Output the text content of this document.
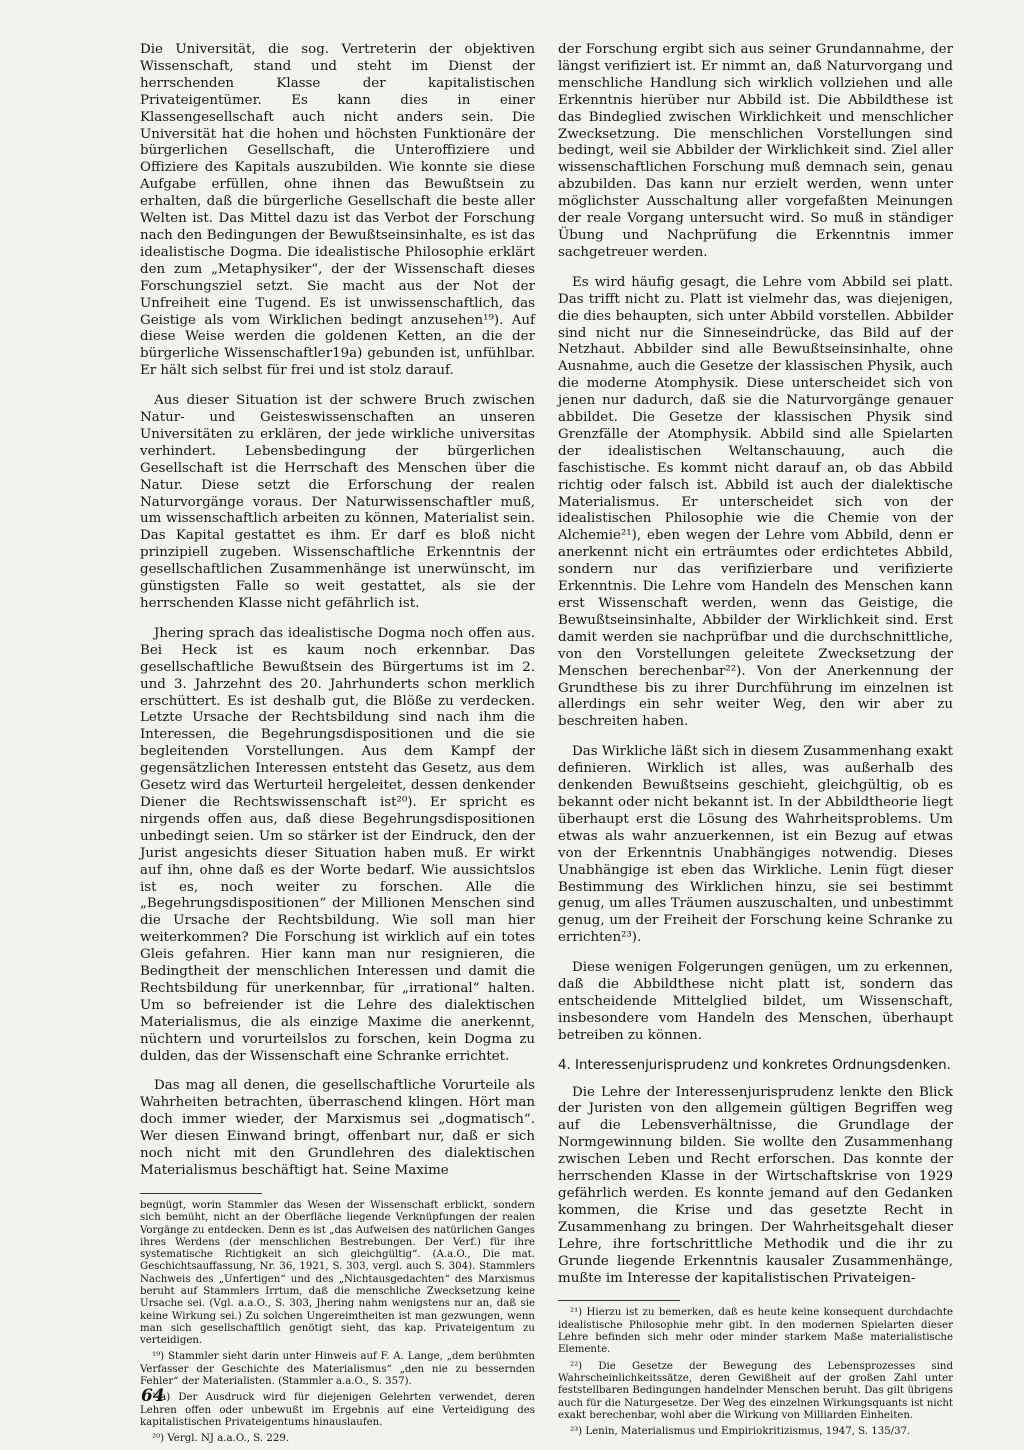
Die Universität, die sog. Vertreterin der objektiven Wissenschaft, stand und steht im Dienst der herrschenden Klasse der kapitalistischen Privateigentümer. Es kann dies in einer Klassengesellschaft auch nicht anders sein. Die Universität hat die hohen und höchsten Funktionäre der bürgerlichen Gesellschaft, die Unteroffiziere und Offiziere des Kapitals auszubilden. Wie konnte sie diese Aufgabe erfüllen, ohne ihnen das Bewußtsein zu erhalten, daß die bürgerliche Gesellschaft die beste aller Welten ist. Das Mittel dazu ist das Verbot der Forschung nach den Bedingungen der Bewußtseinsinhalte, es ist das idealistische Dogma. Die idealistische Philosophie erklärt den zum „Metaphysiker“, der der Wissenschaft dieses Forschungsziel setzt. Sie macht aus der Not der Unfreiheit eine Tugend. Es ist unwissenschaftlich, das Geistige als vom Wirklichen bedingt anzusehen¹⁹). Auf diese Weise werden die goldenen Ketten, an die der bürgerliche Wissenschaftler19a) gebunden ist, unfühlbar. Er hält sich selbst für frei und ist stolz darauf.

Aus dieser Situation ist der schwere Bruch zwischen Natur- und Geisteswissenschaften an unseren Universitäten zu erklären, der jede wirkliche universitas verhindert. Lebensbedingung der bürgerlichen Gesellschaft ist die Herrschaft des Menschen über die Natur. Diese setzt die Erforschung der realen Naturvorgänge voraus. Der Naturwissenschaftler muß, um wissenschaftlich arbeiten zu können, Materialist sein. Das Kapital gestattet es ihm. Er darf es bloß nicht prinzipiell zugeben. Wissenschaftliche Erkenntnis der gesellschaftlichen Zusammenhänge ist unerwünscht, im günstigsten Falle so weit gestattet, als sie der herrschenden Klasse nicht gefährlich ist.

Jhering sprach das idealistische Dogma noch offen aus. Bei Heck ist es kaum noch erkennbar. Das gesellschaftliche Bewußtsein des Bürgertums ist im 2. und 3. Jahrzehnt des 20. Jahrhunderts schon merklich erschüttert. Es ist deshalb gut, die Blöße zu verdecken. Letzte Ursache der Rechtsbildung sind nach ihm die Interessen, die Begehrungsdispositionen und die sie begleitenden Vorstellungen. Aus dem Kampf der gegensätzlichen Interessen entsteht das Gesetz, aus dem Gesetz wird das Werturteil hergeleitet, dessen denkender Diener die Rechtswissenschaft ist²⁰). Er spricht es nirgends offen aus, daß diese Begehrungsdispositionen unbedingt seien. Um so stärker ist der Eindruck, den der Jurist angesichts dieser Situation haben muß. Er wirkt auf ihn, ohne daß es der Worte bedarf. Wie aussichtslos ist es, noch weiter zu forschen. Alle die „Begehrungsdispositionen“ der Millionen Menschen sind die Ursache der Rechtsbildung. Wie soll man hier weiterkommen? Die Forschung ist wirklich auf ein totes Gleis gefahren. Hier kann man nur resignieren, die Bedingtheit der menschlichen Interessen und damit die Rechtsbildung für unerkennbar, für „irrational“ halten. Um so befreiender ist die Lehre des dialektischen Materialismus, die als einzige Maxime die anerkennt, nüchtern und vorurteilslos zu forschen, kein Dogma zu dulden, das der Wissenschaft eine Schranke errichtet.

Das mag all denen, die gesellschaftliche Vorurteile als Wahrheiten betrachten, überraschend klingen. Hört man doch immer wieder, der Marxismus sei „dogmatisch“. Wer diesen Einwand bringt, offenbart nur, daß er sich noch nicht mit den Grundlehren des dialektischen Materialismus beschäftigt hat. Seine Maxime

begnügt, worin Stammler das Wesen der Wissenschaft erblickt, sondern sich bemüht, nicht an der Oberfläche liegende Verknüpfungen der realen Vorgänge zu entdecken. Denn es ist „das Aufweisen des natürlichen Ganges ihres Werdens (der menschlichen Bestrebungen. Der Verf.) für ihre systematische Richtigkeit an sich gleichgültig“. (A.a.O., Die mat. Geschichtsauffassung, Nr. 36, 1921, S. 303, vergl. auch S. 304). Stammlers Nachweis des „Unfertigen“ und des „Nichtausgedachten“ des Marxismus beruht auf Stammlers Irrtum, daß die menschliche Zwecksetzung keine Ursache sei. (Vgl. a.a.O., S. 303, Jhering nahm wenigstens nur an, daß sie keine Wirkung sei.) Zu solchen Ungereimtheiten ist man gezwungen, wenn man sich gesellschaftlich genötigt sieht, das kap. Privateigentum zu verteidigen.

¹⁹) Stammler sieht darin unter Hinweis auf F. A. Lange, „dem berühmten Verfasser der Geschichte des Materialismus“ „den nie zu bessernden Fehler“ der Materialisten. (Stammler a.a.O., S. 357).

¹⁹a) Der Ausdruck wird für diejenigen Gelehrten verwendet, deren Lehren offen oder unbewußt im Ergebnis auf eine Verteidigung des kapitalistischen Privateigentums hinauslaufen.

²⁰) Vergl. NJ a.a.O., S. 229.

der Forschung ergibt sich aus seiner Grundannahme, der längst verifiziert ist. Er nimmt an, daß Naturvorgang und menschliche Handlung sich wirklich vollziehen und alle Erkenntnis hierüber nur Abbild ist. Die Abbildthese ist das Bindeglied zwischen Wirklichkeit und menschlicher Zwecksetzung. Die menschlichen Vorstellungen sind bedingt, weil sie Abbilder der Wirklichkeit sind. Ziel aller wissenschaftlichen Forschung muß demnach sein, genau abzubilden. Das kann nur erzielt werden, wenn unter möglichster Ausschaltung aller vorgefaßten Meinungen der reale Vorgang untersucht wird. So muß in ständiger Übung und Nachprüfung die Erkenntnis immer sachgetreuer werden.

Es wird häufig gesagt, die Lehre vom Abbild sei platt. Das trifft nicht zu. Platt ist vielmehr das, was diejenigen, die dies behaupten, sich unter Abbild vorstellen. Abbilder sind nicht nur die Sinneseindrücke, das Bild auf der Netzhaut. Abbilder sind alle Bewußtseinsinhalte, ohne Ausnahme, auch die Gesetze der klassischen Physik, auch die moderne Atomphysik. Diese unterscheidet sich von jenen nur dadurch, daß sie die Naturvorgänge genauer abbildet. Die Gesetze der klassischen Physik sind Grenzfälle der Atomphysik. Abbild sind alle Spielarten der idealistischen Weltanschauung, auch die faschistische. Es kommt nicht darauf an, ob das Abbild richtig oder falsch ist. Abbild ist auch der dialektische Materialismus. Er unterscheidet sich von der idealistischen Philosophie wie die Chemie von der Alchemie²¹), eben wegen der Lehre vom Abbild, denn er anerkennt nicht ein erträumtes oder erdichtetes Abbild, sondern nur das verifizierbare und verifizierte Erkenntnis. Die Lehre vom Handeln des Menschen kann erst Wissenschaft werden, wenn das Geistige, die Bewußtseinsinhalte, Abbilder der Wirklichkeit sind. Erst damit werden sie nachprüfbar und die durchschnittliche, von den Vorstellungen geleitete Zwecksetzung der Menschen berechenbar²²). Von der Anerkennung der Grundthese bis zu ihrer Durchführung im einzelnen ist allerdings ein sehr weiter Weg, den wir aber zu beschreiten haben.

Das Wirkliche läßt sich in diesem Zusammenhang exakt definieren. Wirklich ist alles, was außerhalb des denkenden Bewußtseins geschieht, gleichgültig, ob es bekannt oder nicht bekannt ist. In der Abbildtheorie liegt überhaupt erst die Lösung des Wahrheitsproblems. Um etwas als wahr anzuerkennen, ist ein Bezug auf etwas von der Erkenntnis Unabhängiges notwendig. Dieses Unabhängige ist eben das Wirkliche. Lenin fügt dieser Bestimmung des Wirklichen hinzu, sie sei bestimmt genug, um alles Träumen auszuschalten, und unbestimmt genug, um der Freiheit der Forschung keine Schranke zu errichten²³).

Diese wenigen Folgerungen genügen, um zu erkennen, daß die Abbildthese nicht platt ist, sondern das entscheidende Mittelglied bildet, um Wissenschaft, insbesondere vom Handeln des Menschen, überhaupt betreiben zu können.

4. Interessenjurisprudenz und konkretes Ordnungsdenken.

Die Lehre der Interessenjurisprudenz lenkte den Blick der Juristen von den allgemein gültigen Begriffen weg auf die Lebensverhältnisse, die Grundlage der Normgewinnung bilden. Sie wollte den Zusammenhang zwischen Leben und Recht erforschen. Das konnte der herrschenden Klasse in der Wirtschaftskrise von 1929 gefährlich werden. Es konnte jemand auf den Gedanken kommen, die Krise und das gesetzte Recht in Zusammenhang zu bringen. Der Wahrheitsgehalt dieser Lehre, ihre fortschrittliche Methodik und die ihr zu Grunde liegende Erkenntnis kausaler Zusammenhänge, mußte im Interesse der kapitalistischen Privateigen-

²¹) Hierzu ist zu bemerken, daß es heute keine konsequent durchdachte idealistische Philosophie mehr gibt. In den modernen Spielarten dieser Lehre befinden sich mehr oder minder starkem Maße materialistische Elemente.

²²) Die Gesetze der Bewegung des Lebensprozesses sind Wahrscheinlichkeitssätze, deren Gewißheit auf der großen Zahl unter feststellbaren Bedingungen handelnder Menschen beruht. Das gilt übrigens auch für die Naturgesetze. Der Weg des einzelnen Wirkungsquants ist nicht exakt berechenbar, wohl aber die Wirkung von Milliarden Einheiten.

²³) Lenin, Materialismus und Empiriokritizismus, 1947, S. 135/37.

64
